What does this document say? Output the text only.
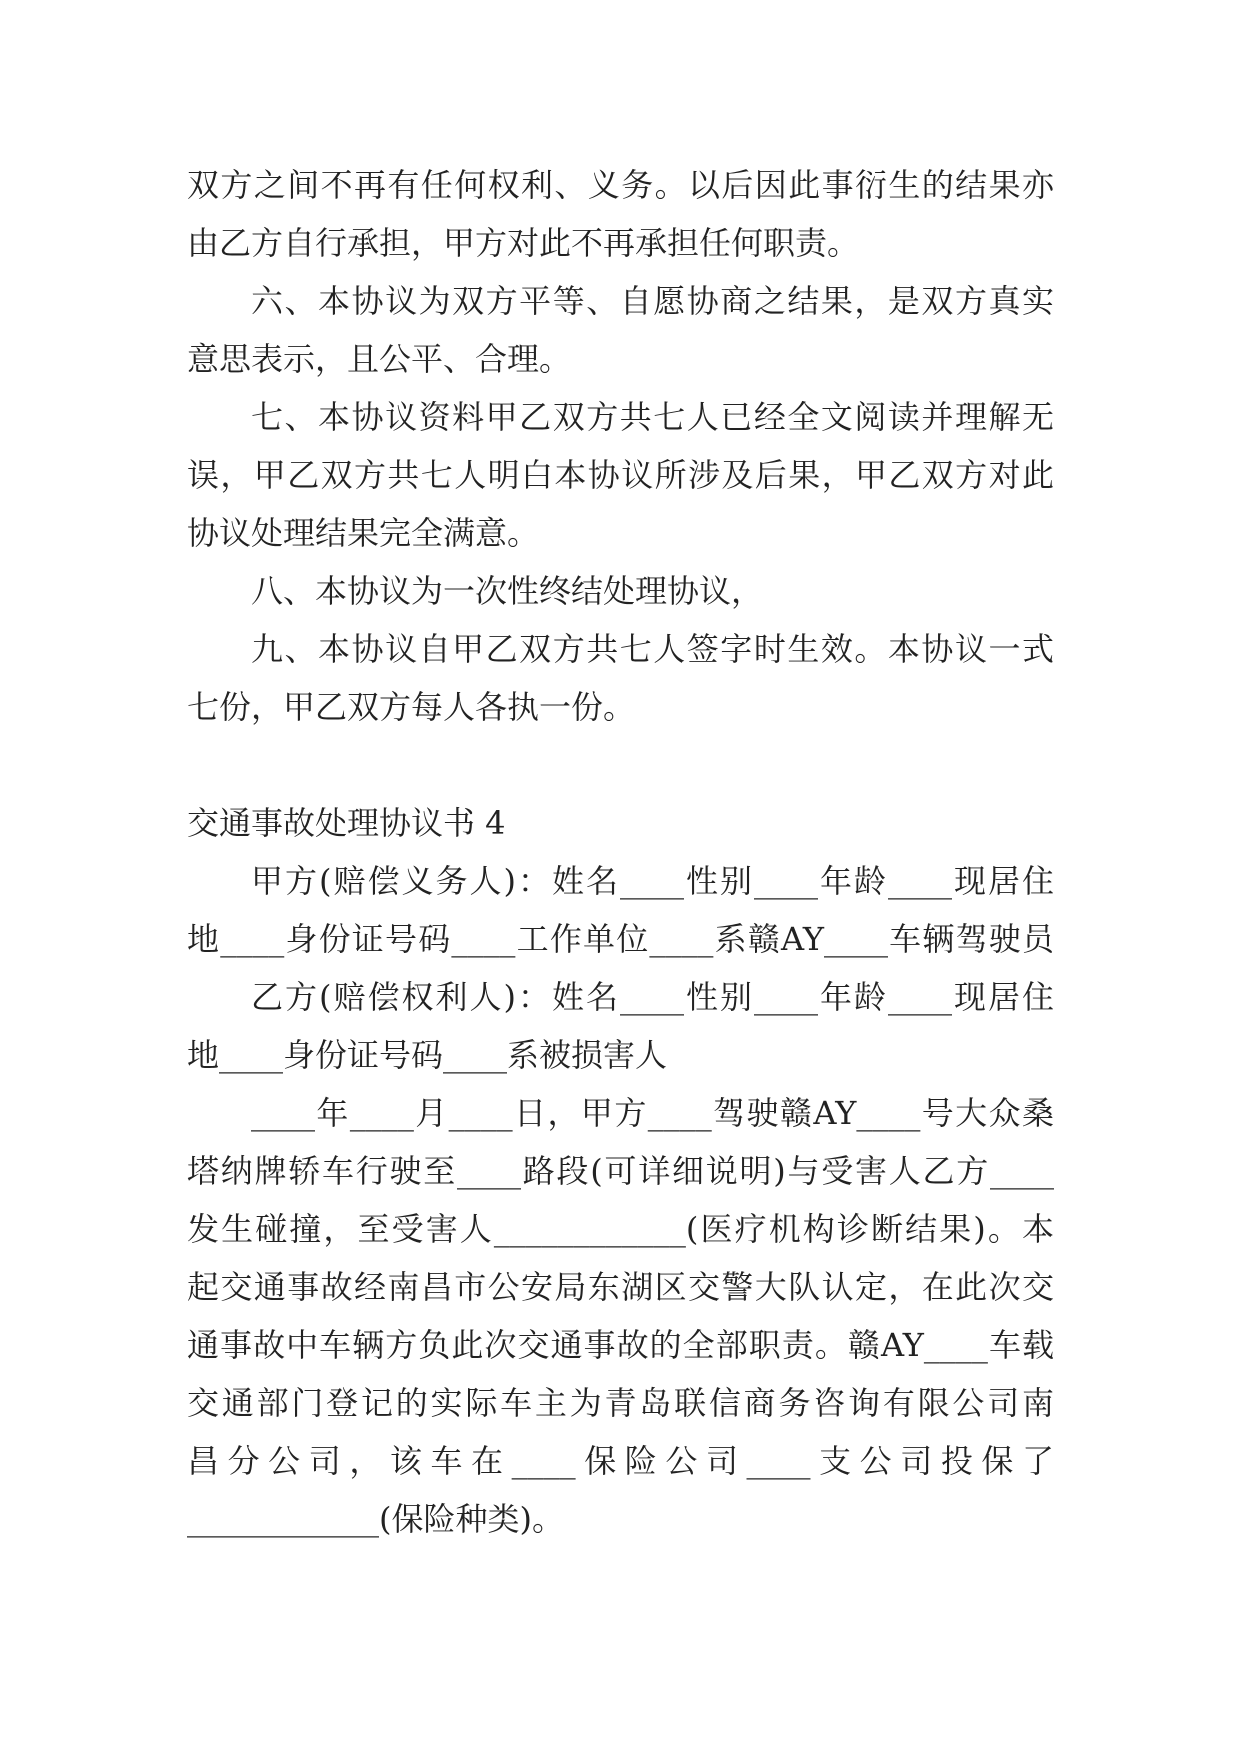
双方之间不再有任何权利、义务。以后因此事衍生的结果亦
由乙方自行承担，甲方对此不再承担任何职责。
六、本协议为双方平等、自愿协商之结果，是双方真实
意思表示，且公平、合理。
七、本协议资料甲乙双方共七人已经全文阅读并理解无
误，甲乙双方共七人明白本协议所涉及后果，甲乙双方对此
协议处理结果完全满意。
八、本协议为一次性终结处理协议，
九、本协议自甲乙双方共七人签字时生效。本协议一式
七份，甲乙双方每人各执一份。
交通事故处理协议书 4
甲方(赔偿义务人)：姓名____性别____年龄____现居住
地____身份证号码____工作单位____系赣AY____车辆驾驶员
乙方(赔偿权利人)：姓名____性别____年龄____现居住
地____身份证号码____系被损害人
____年____月____日，甲方____驾驶赣AY____号大众桑
塔纳牌轿车行驶至____路段(可详细说明)与受害人乙方____
发生碰撞，至受害人____________(医疗机构诊断结果)。本
起交通事故经南昌市公安局东湖区交警大队认定，在此次交
通事故中车辆方负此次交通事故的全部职责。赣AY____车载
交通部门登记的实际车主为青岛联信商务咨询有限公司南
昌分公司，该车在____保险公司____支公司投保了
____________(保险种类)。
